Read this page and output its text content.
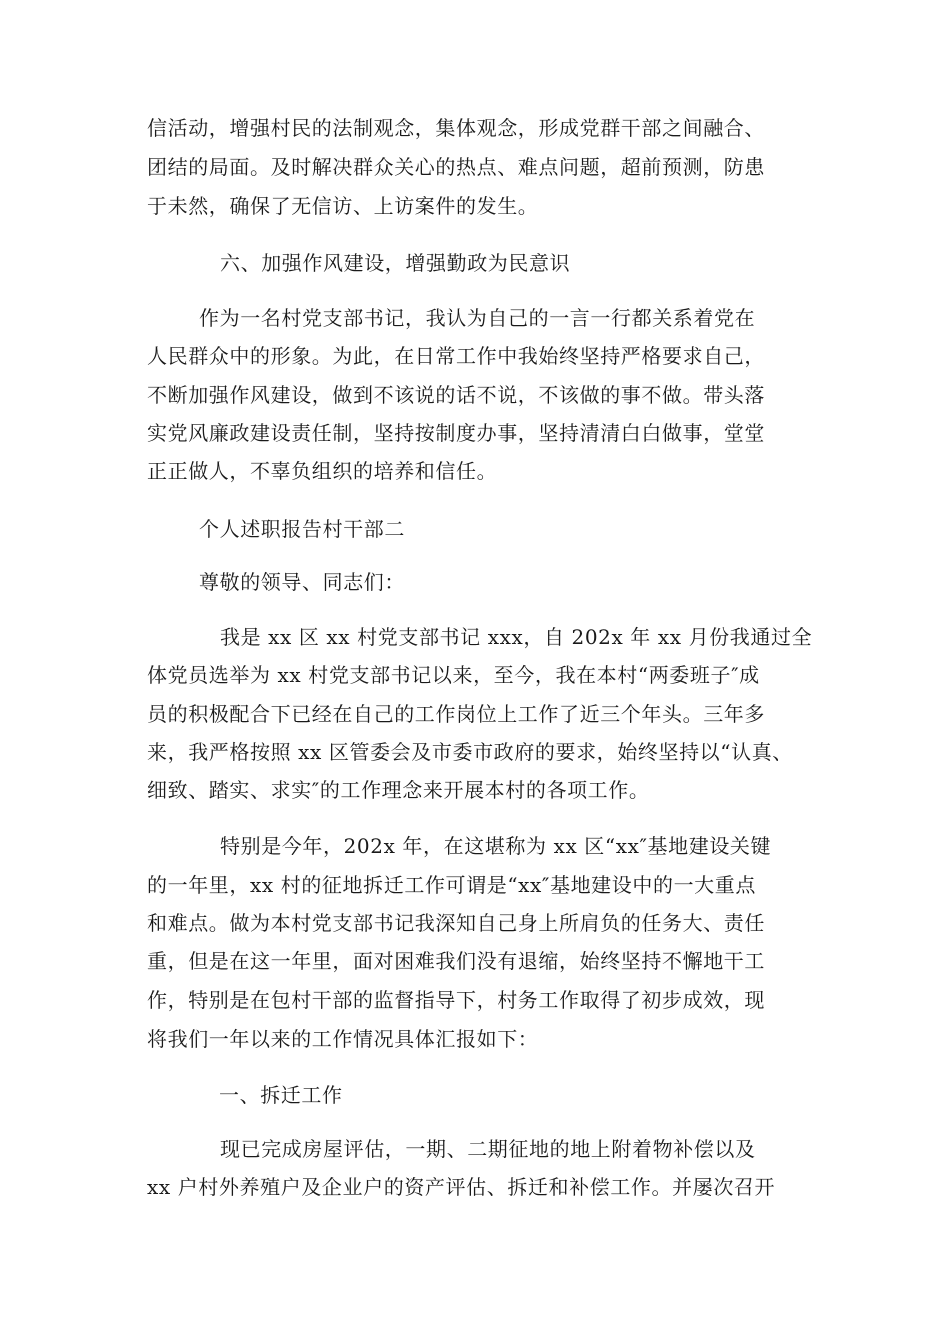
信活动，增强村民的法制观念，集体观念，形成党群干部之间融合、
团结的局面。及时解决群众关心的热点、难点问题，超前预测，防患
于未然，确保了无信访、上访案件的发生。
六、加强作风建设，增强勤政为民意识
作为一名村党支部书记，我认为自己的一言一行都关系着党在
人民群众中的形象。为此，在日常工作中我始终坚持严格要求自己，
不断加强作风建设，做到不该说的话不说，不该做的事不做。带头落
实党风廉政建设责任制，坚持按制度办事，坚持清清白白做事，堂堂
正正做人，不辜负组织的培养和信任。
个人述职报告村干部二
尊敬的领导、同志们：
我是 xx 区 xx 村党支部书记 xxx，自 202x 年 xx 月份我通过全
体党员选举为 xx 村党支部书记以来，至今，我在本村“两委班子″成
员的积极配合下已经在自己的工作岗位上工作了近三个年头。三年多
来，我严格按照 xx 区管委会及市委市政府的要求，始终坚持以“认真、
细致、踏实、求实″的工作理念来开展本村的各项工作。
特别是今年，202x 年，在这堪称为 xx 区“xx″基地建设关键
的一年里，xx 村的征地拆迁工作可谓是“xx″基地建设中的一大重点
和难点。做为本村党支部书记我深知自己身上所肩负的任务大、责任
重，但是在这一年里，面对困难我们没有退缩，始终坚持不懈地干工
作，特别是在包村干部的监督指导下，村务工作取得了初步成效，现
将我们一年以来的工作情况具体汇报如下：
一、拆迁工作
现已完成房屋评估，一期、二期征地的地上附着物补偿以及
xx 户村外养殖户及企业户的资产评估、拆迁和补偿工作。并屡次召开
